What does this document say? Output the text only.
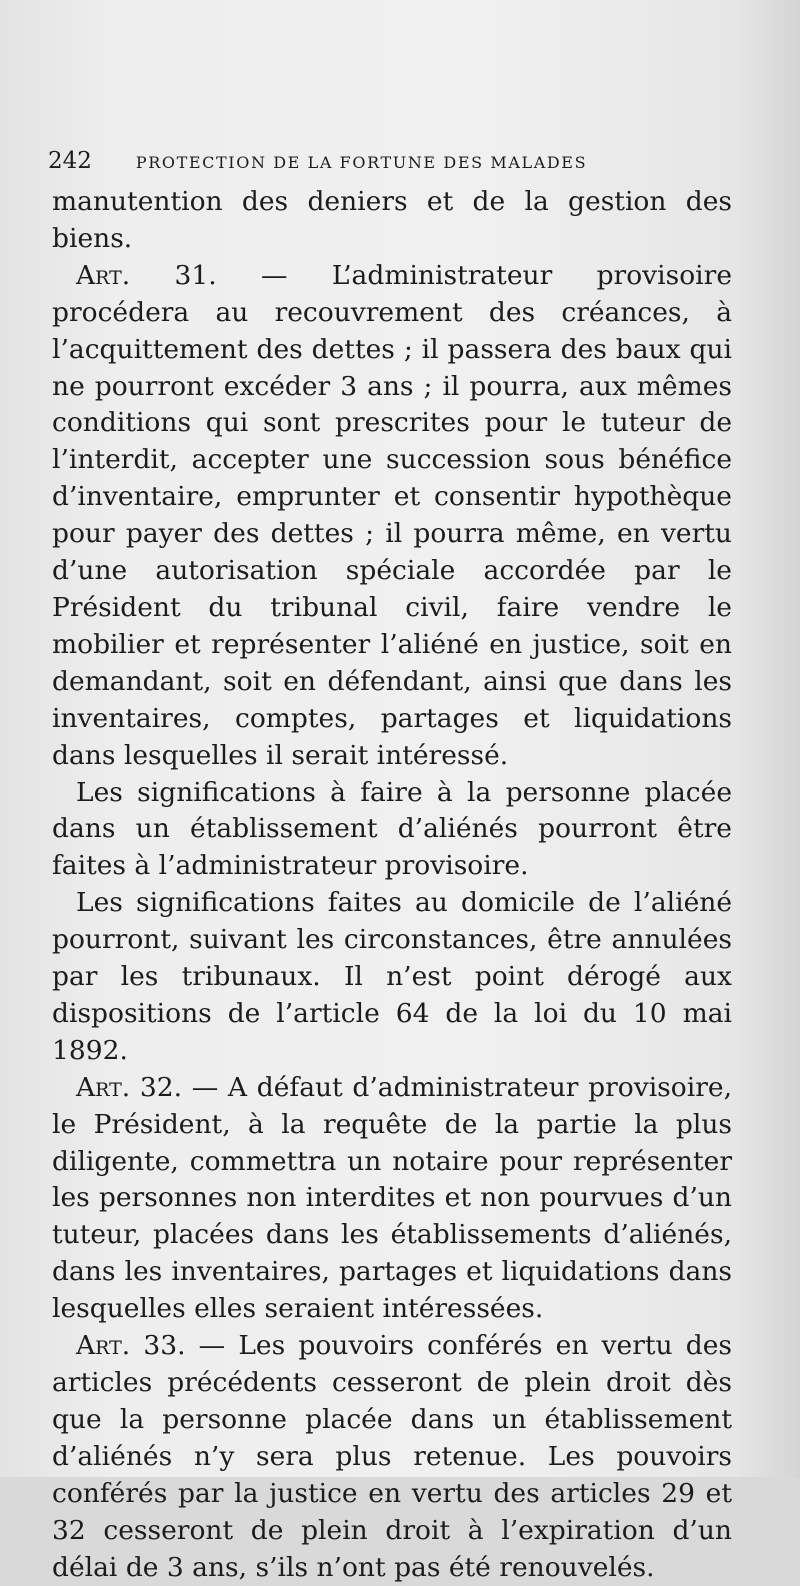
242	PROTECTION DE LA FORTUNE DES MALADES

manutention des deniers et de la gestion des biens.

Art. 31. — L’administrateur provisoire procédera au recouvrement des créances, à l’acquittement des dettes ; il passera des baux qui ne pourront excéder 3 ans ; il pourra, aux mêmes conditions qui sont prescrites pour le tuteur de l’interdit, accepter une succession sous bénéfice d’inventaire, emprunter et consentir hypothèque pour payer des dettes ; il pourra même, en vertu d’une autorisation spéciale accordée par le Président du tribunal civil, faire vendre le mobilier et représenter l’aliéné en justice, soit en demandant, soit en défendant, ainsi que dans les inventaires, comptes, partages et liquidations dans lesquelles il serait intéressé.

Les significations à faire à la personne placée dans un établissement d’aliénés pourront être faites à l’administrateur provisoire.

Les significations faites au domicile de l’aliéné pourront, suivant les circonstances, être annulées par les tribunaux. Il n’est point dérogé aux dispositions de l’article 64 de la loi du 10 mai 1892.

Art. 32. — A défaut d’administrateur provisoire, le Président, à la requête de la partie la plus diligente, commettra un notaire pour représenter les personnes non interdites et non pourvues d’un tuteur, placées dans les établissements d’aliénés, dans les inventaires, partages et liquidations dans lesquelles elles seraient intéressées.

Art. 33. — Les pouvoirs conférés en vertu des articles précédents cesseront de plein droit dès que la personne placée dans un établissement d’aliénés n’y sera plus retenue. Les pouvoirs conférés par la justice en vertu des articles 29 et 32 cesseront de plein droit à l’expiration d’un délai de 3 ans, s’ils n’ont pas été renouvelés.
